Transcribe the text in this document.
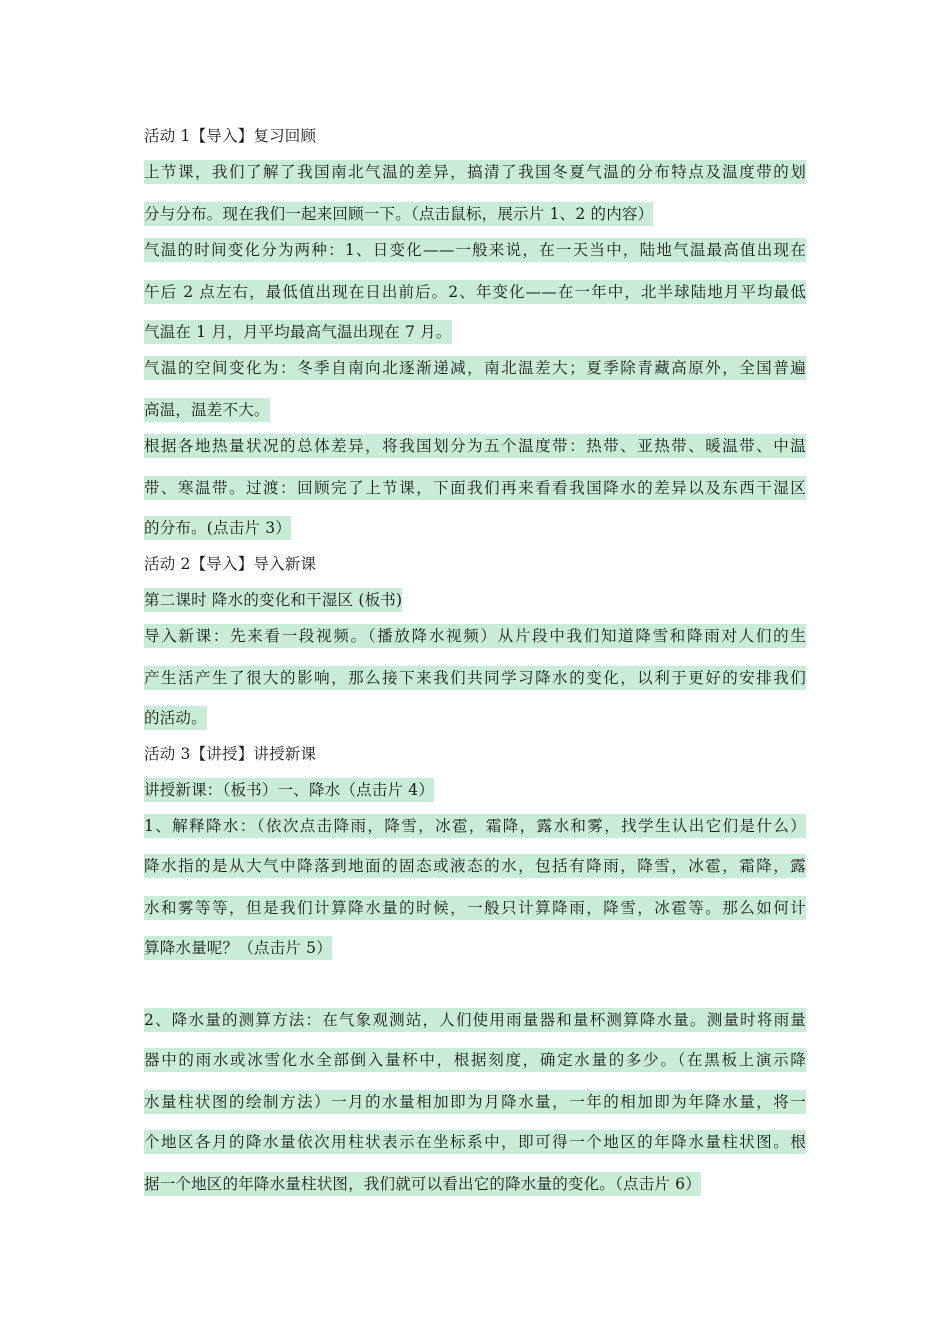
活动 1【导入】复习回顾
上节课，我们了解了我国南北气温的差异，搞清了我国冬夏气温的分布特点及温度带的划
分与分布。现在我们一起来回顾一下。（点击鼠标，展示片 1、2 的内容）
气温的时间变化分为两种：1、日变化——一般来说，在一天当中，陆地气温最高值出现在
午后 2 点左右，最低值出现在日出前后。2、年变化——在一年中，北半球陆地月平均最低
气温在 1 月，月平均最高气温出现在 7 月。
气温的空间变化为：冬季自南向北逐渐递减，南北温差大；夏季除青藏高原外，全国普遍
高温，温差不大。
根据各地热量状况的总体差异，将我国划分为五个温度带：热带、亚热带、暖温带、中温
带、寒温带。过渡：回顾完了上节课，下面我们再来看看我国降水的差异以及东西干湿区
的分布。(点击片 3）
活动 2【导入】导入新课
第二课时 降水的变化和干湿区 (板书)
导入新课：先来看一段视频。（播放降水视频）从片段中我们知道降雪和降雨对人们的生
产生活产生了很大的影响，那么接下来我们共同学习降水的变化，以利于更好的安排我们
的活动。
活动 3【讲授】讲授新课
讲授新课：（板书）一、降水（点击片 4）
1、解释降水：（依次点击降雨，降雪，冰雹，霜降，露水和雾，找学生认出它们是什么）
降水指的是从大气中降落到地面的固态或液态的水，包括有降雨，降雪，冰雹，霜降，露
水和雾等等，但是我们计算降水量的时候，一般只计算降雨，降雪，冰雹等。那么如何计
算降水量呢？（点击片 5）
2、降水量的测算方法：在气象观测站，人们使用雨量器和量杯测算降水量。测量时将雨量
器中的雨水或冰雪化水全部倒入量杯中，根据刻度，确定水量的多少。（在黑板上演示降
水量柱状图的绘制方法）一月的水量相加即为月降水量，一年的相加即为年降水量，将一
个地区各月的降水量依次用柱状表示在坐标系中，即可得一个地区的年降水量柱状图。根
据一个地区的年降水量柱状图，我们就可以看出它的降水量的变化。（点击片 6）
